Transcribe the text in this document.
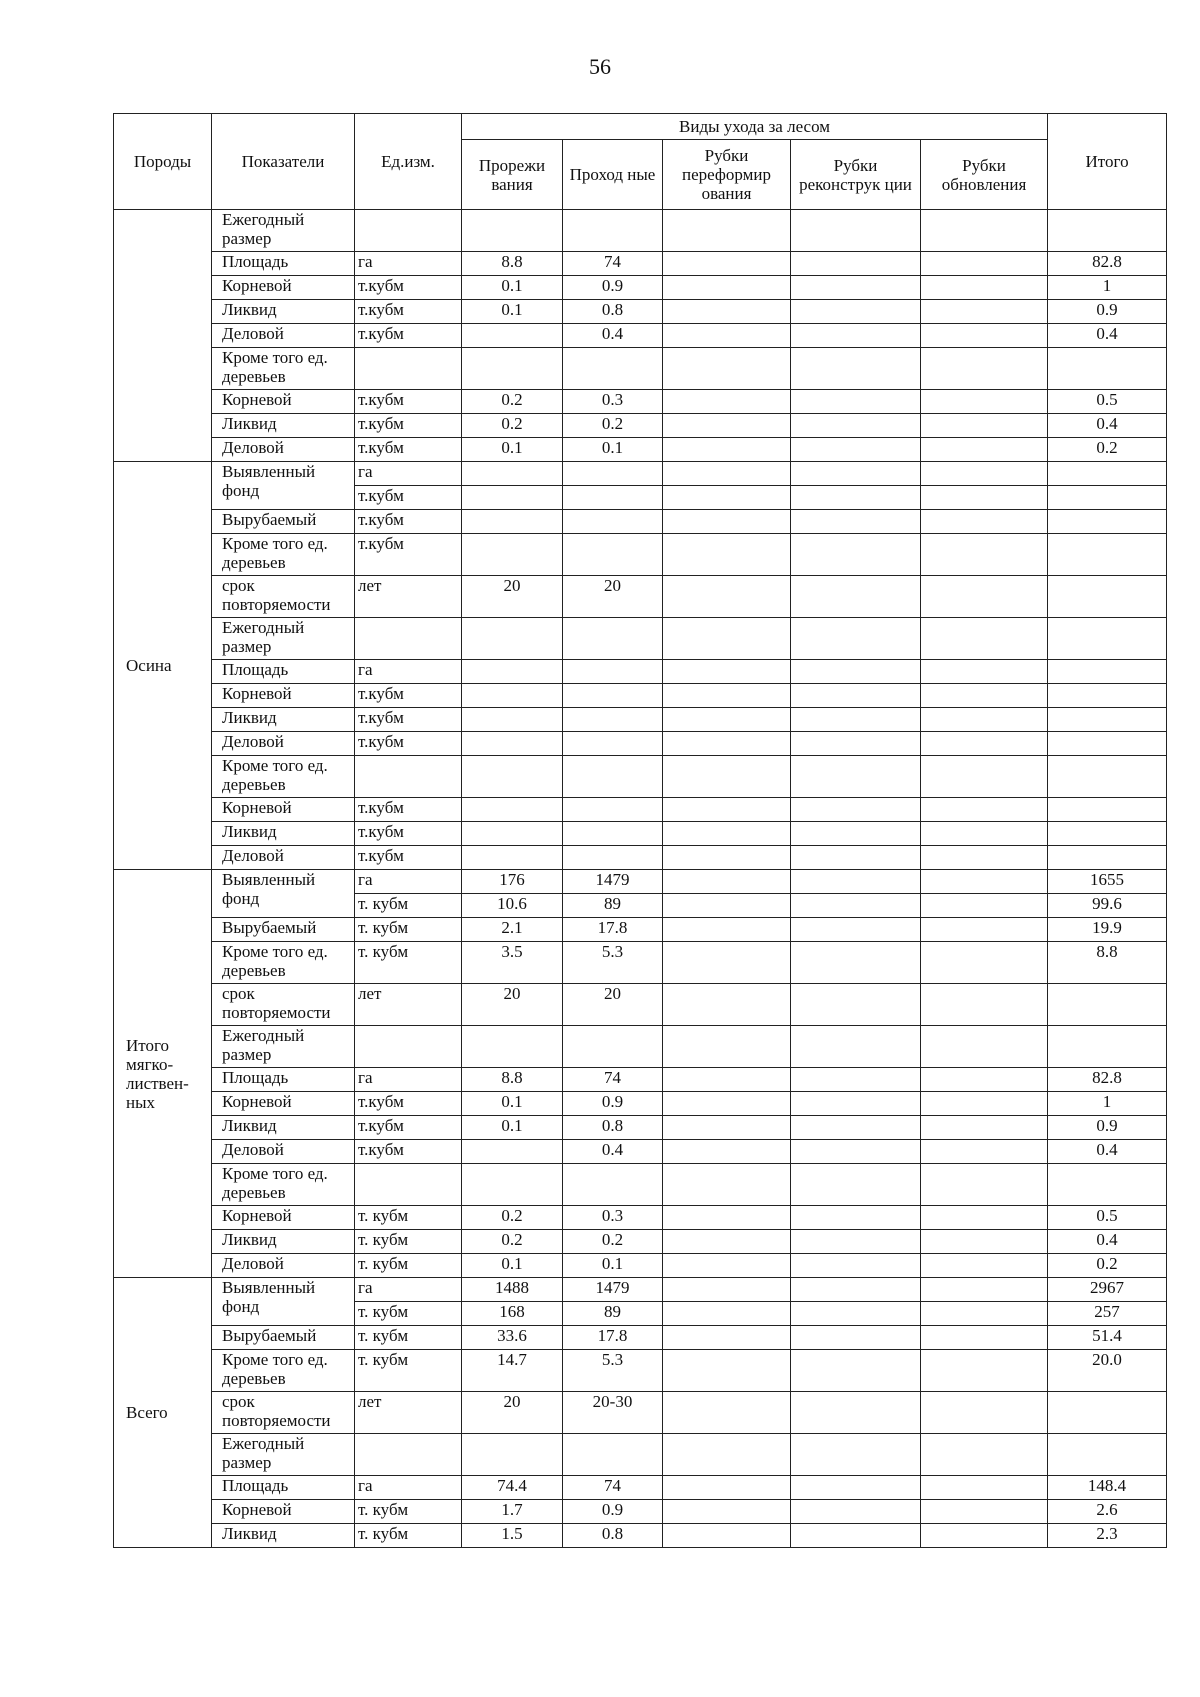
56
Породы	Показатели	Ед.изм.	Виды ухода за лесом					Итого
			Прорежи вания	Проход ные	Рубки переформир ования	Рубки реконструк ции	Рубки обновления	
	Ежегодный размер							
	Площадь	га	8.8	74				82.8
	Корневой	т.кубм	0.1	0.9				1
	Ликвид	т.кубм	0.1	0.8				0.9
	Деловой	т.кубм		0.4				0.4
	Кроме того ед. деревьев							
	Корневой	т.кубм	0.2	0.3				0.5
	Ликвид	т.кубм	0.2	0.2				0.4
	Деловой	т.кубм	0.1	0.1				0.2
Осина	Выявленный фонд	га						
		т.кубм						
	Вырубаемый	т.кубм						
	Кроме того ед. деревьев	т.кубм						
	срок повторяемости	лет	20	20				
	Ежегодный размер							
	Площадь	га						
	Корневой	т.кубм						
	Ликвид	т.кубм						
	Деловой	т.кубм						
	Кроме того ед. деревьев							
	Корневой	т.кубм						
	Ликвид	т.кубм						
	Деловой	т.кубм						
Итого мягко-листвен-ных	Выявленный фонд	га	176	1479				1655
		т. кубм	10.6	89				99.6
	Вырубаемый	т. кубм	2.1	17.8				19.9
	Кроме того ед. деревьев	т. кубм	3.5	5.3				8.8
	срок повторяемости	лет	20	20				
	Ежегодный размер							
	Площадь	га	8.8	74				82.8
	Корневой	т.кубм	0.1	0.9				1
	Ликвид	т.кубм	0.1	0.8				0.9
	Деловой	т.кубм		0.4				0.4
	Кроме того ед. деревьев							
	Корневой	т. кубм	0.2	0.3				0.5
	Ликвид	т. кубм	0.2	0.2				0.4
	Деловой	т. кубм	0.1	0.1				0.2
Всего	Выявленный фонд	га	1488	1479				2967
		т. кубм	168	89				257
	Вырубаемый	т. кубм	33.6	17.8				51.4
	Кроме того ед. деревьев	т. кубм	14.7	5.3				20.0
	срок повторяемости	лет	20	20-30				
	Ежегодный размер							
	Площадь	га	74.4	74				148.4
	Корневой	т. кубм	1.7	0.9				2.6
	Ликвид	т. кубм	1.5	0.8				2.3
